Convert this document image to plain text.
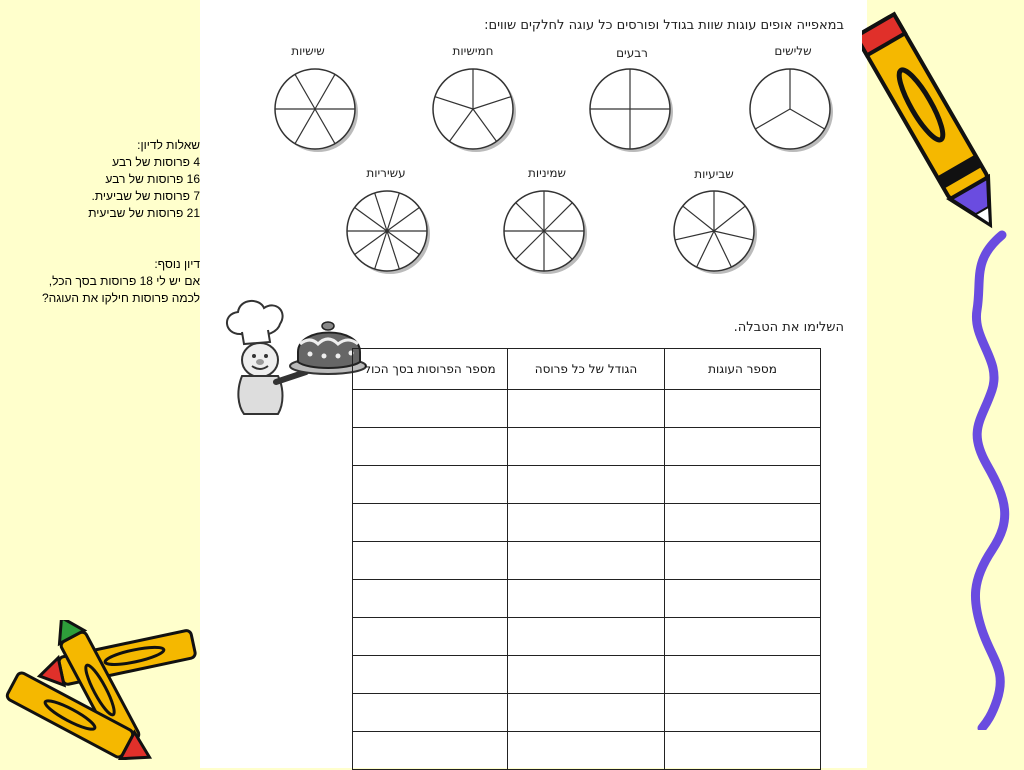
שאלות לדיון:
4 פרוסות של רבע
16 פרוסות של רבע
7 פרוסות של שביעית.
21 פרוסות של שביעית
דיון נוסף:
אם יש לי 18 פרוסות בסך הכל,
לכמה פרוסות חילקו את העוגה?
במאפייה אופים עוגות שוות בגודל ופורסים כל עוגה לחלקים שווים:
שישיות	חמישיות	רבעים	שלישים
עשיריות	שמיניות	שביעיות
השלימו את הטבלה.
מספר העוגות	הגודל של כל פרוסה	מספר הפרוסות בסך הכול
